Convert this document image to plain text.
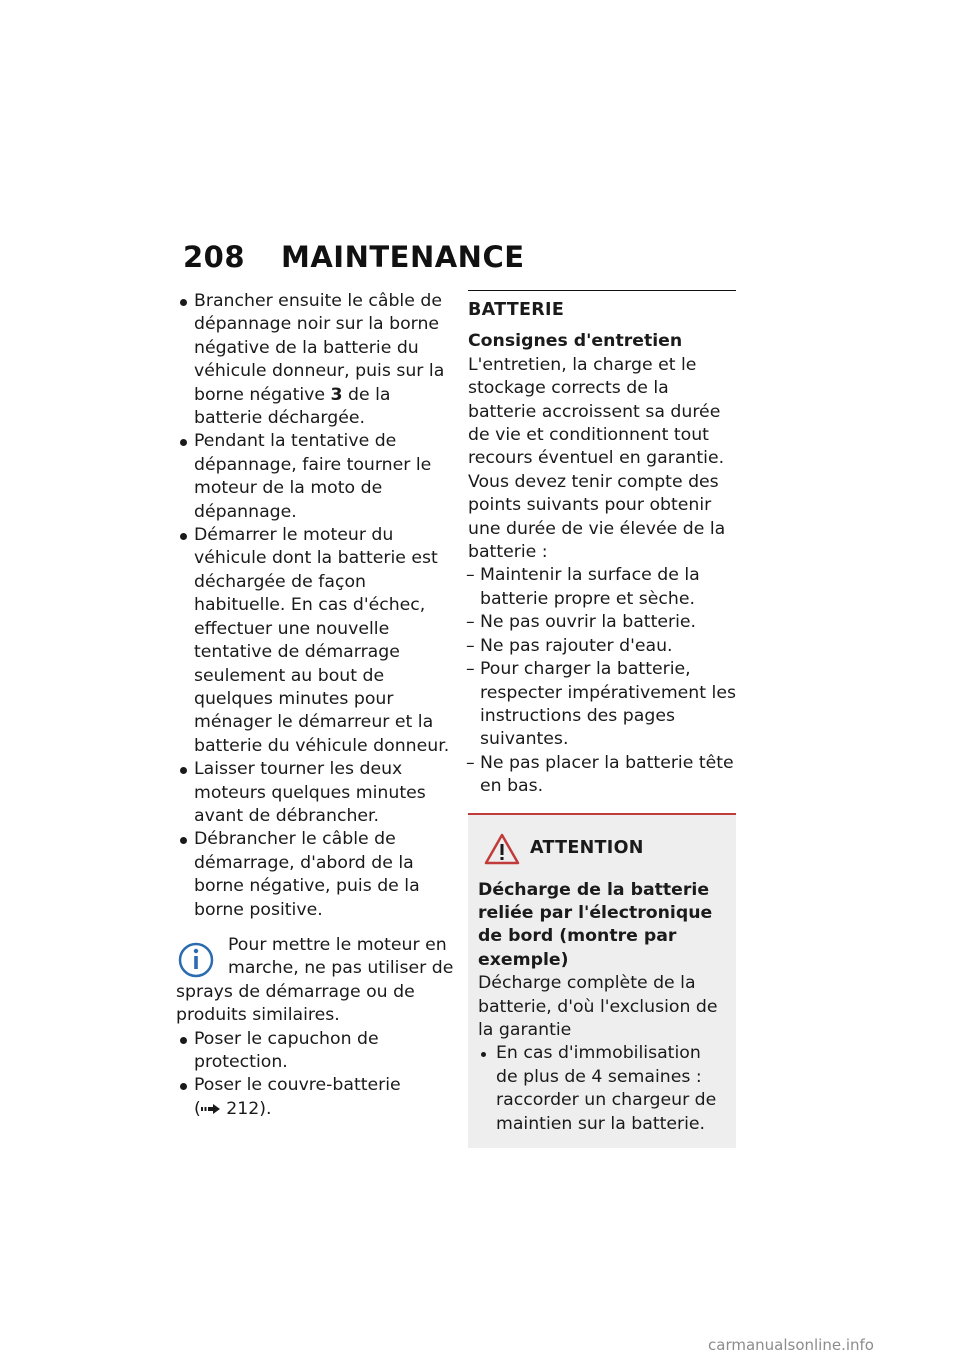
208 MAINTENANCE
Brancher ensuite le câble de dépannage noir sur la borne négative de la batterie du véhicule donneur, puis sur la borne négative 3 de la batterie déchargée.
Pendant la tentative de dépannage, faire tourner le moteur de la moto de dépannage.
Démarrer le moteur du véhicule dont la batterie est déchargée de façon habituelle. En cas d'échec, effectuer une nouvelle tentative de démarrage seulement au bout de quelques minutes pour ménager le démarreur et la batterie du véhicule donneur.
Laisser tourner les deux moteurs quelques minutes avant de débrancher.
Débrancher le câble de démarrage, d'abord de la borne négative, puis de la borne positive.
Pour mettre le moteur en marche, ne pas utiliser de sprays de démarrage ou de produits similaires.
Poser le capuchon de protection.
Poser le couvre-batterie
( 212).
BATTERIE
Consignes d'entretien
L'entretien, la charge et le stockage corrects de la batterie accroissent sa durée de vie et conditionnent tout recours éventuel en garantie.
Vous devez tenir compte des points suivants pour obtenir une durée de vie élevée de la batterie :
– Maintenir la surface de la batterie propre et sèche.
– Ne pas ouvrir la batterie.
– Ne pas rajouter d'eau.
– Pour charger la batterie, respecter impérativement les instructions des pages suivantes.
– Ne pas placer la batterie tête en bas.
ATTENTION
Décharge de la batterie reliée par l'électronique de bord (montre par exemple)
Décharge complète de la batterie, d'où l'exclusion de la garantie
En cas d'immobilisation de plus de 4 semaines : raccorder un chargeur de maintien sur la batterie.
carmanualsonline.info
